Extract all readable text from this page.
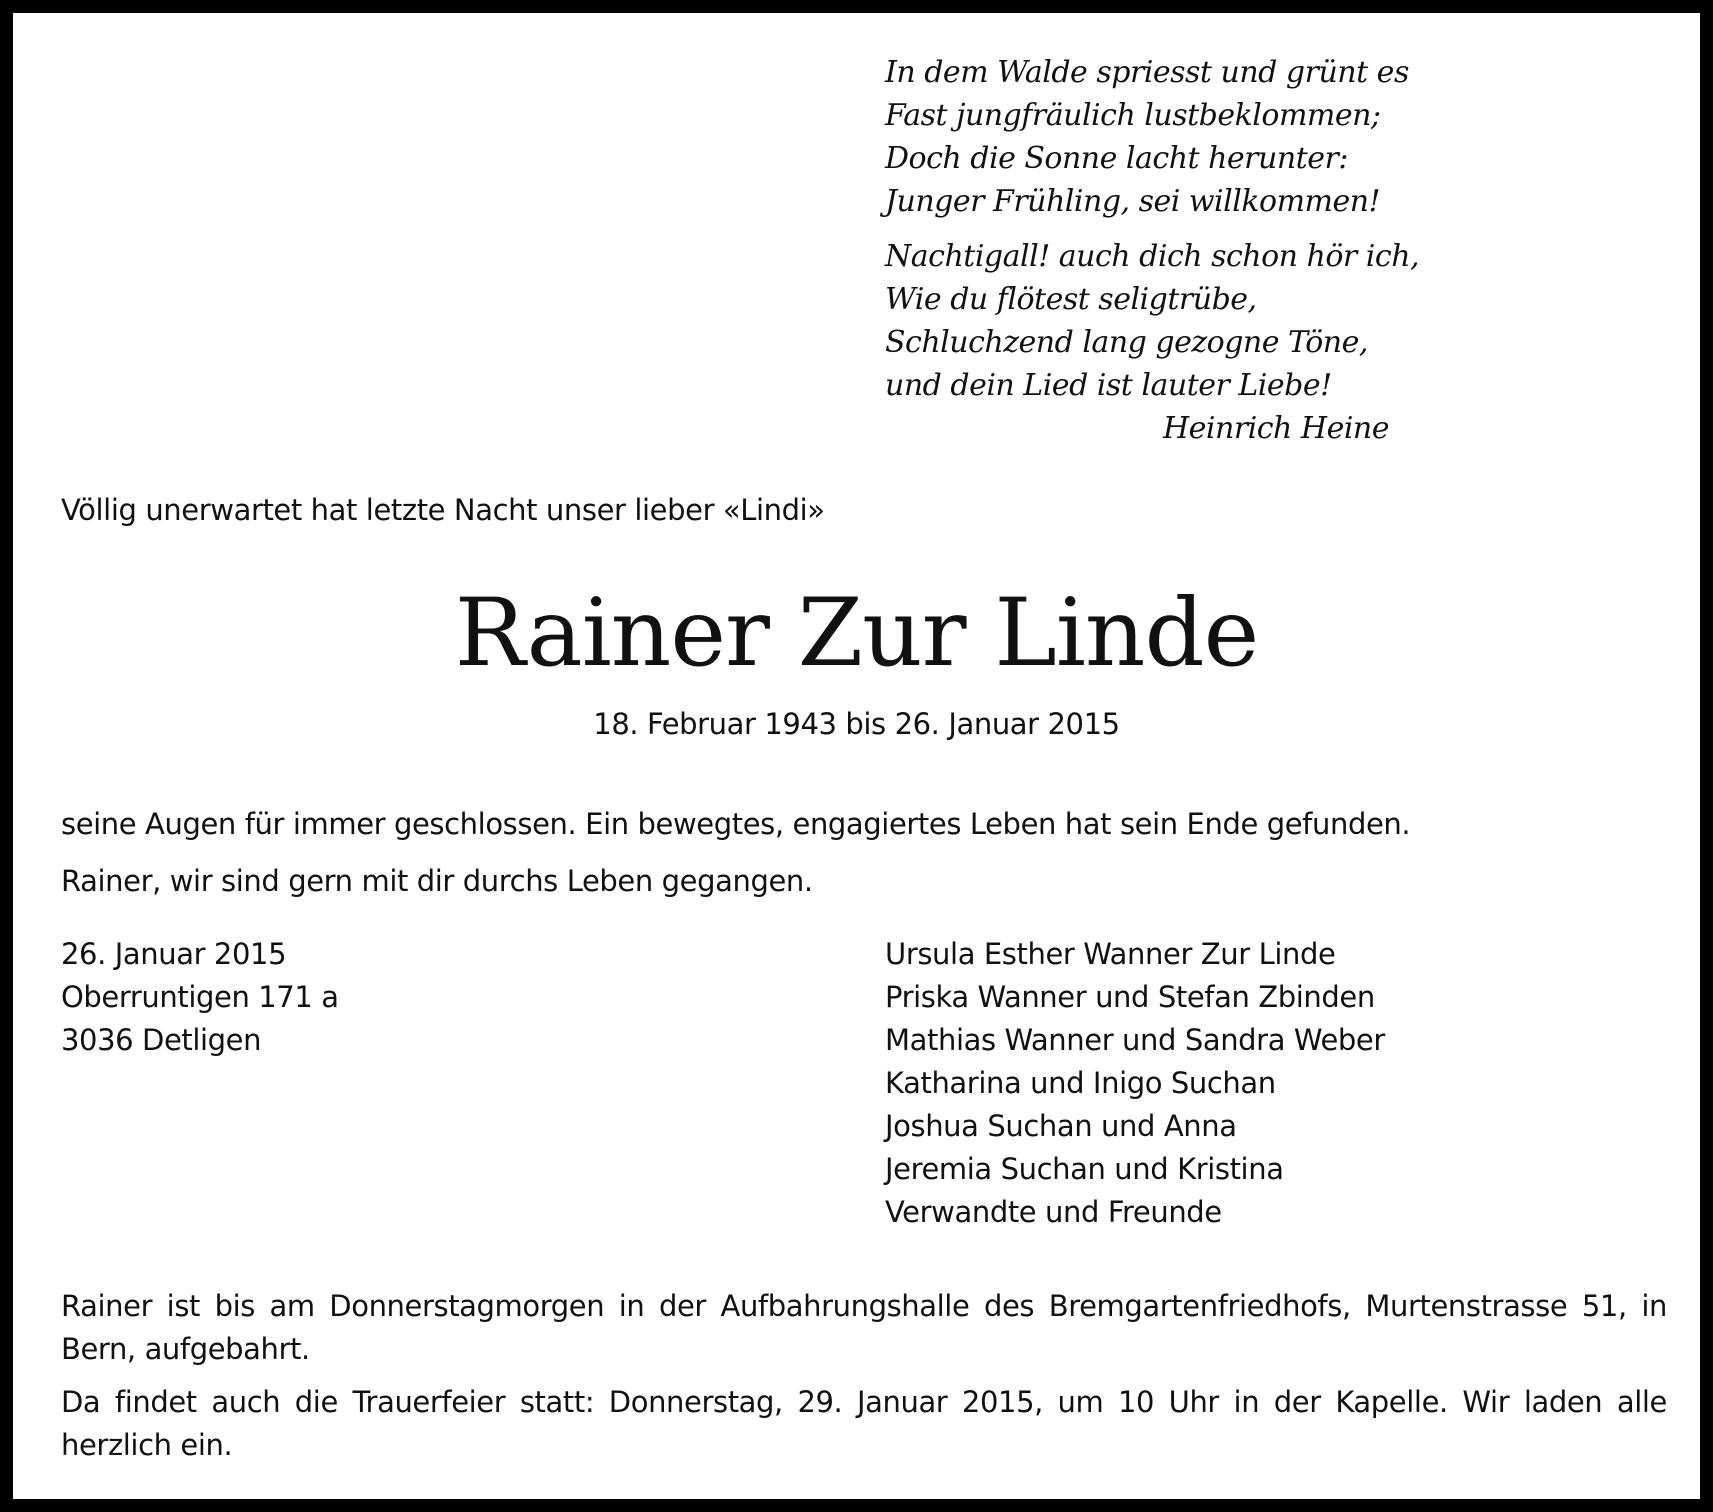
In dem Walde spriesst und grünt es
Fast jungfräulich lustbeklommen;
Doch die Sonne lacht herunter:
Junger Frühling, sei willkommen!
Nachtigall! auch dich schon hör ich,
Wie du flötest seligtrübe,
Schluchzend lang gezogne Töne,
und dein Lied ist lauter Liebe!
Heinrich Heine
Völlig unerwartet hat letzte Nacht unser lieber «Lindi»
Rainer Zur Linde
18. Februar 1943 bis 26. Januar 2015
seine Augen für immer geschlossen. Ein bewegtes, engagiertes Leben hat sein Ende gefunden.
Rainer, wir sind gern mit dir durchs Leben gegangen.
26. Januar 2015
Oberruntigen 171 a
3036 Detligen
Ursula Esther Wanner Zur Linde
Priska Wanner und Stefan Zbinden
Mathias Wanner und Sandra Weber
Katharina und Inigo Suchan
Joshua Suchan und Anna
Jeremia Suchan und Kristina
Verwandte und Freunde

Rainer ist bis am Donnerstagmorgen in der Aufbahrungshalle des Bremgartenfriedhofs, Murtenstrasse 51, in Bern, aufgebahrt.

Da findet auch die Trauerfeier statt: Donnerstag, 29. Januar 2015, um 10 Uhr in der Kapelle. Wir laden alle herzlich ein.
